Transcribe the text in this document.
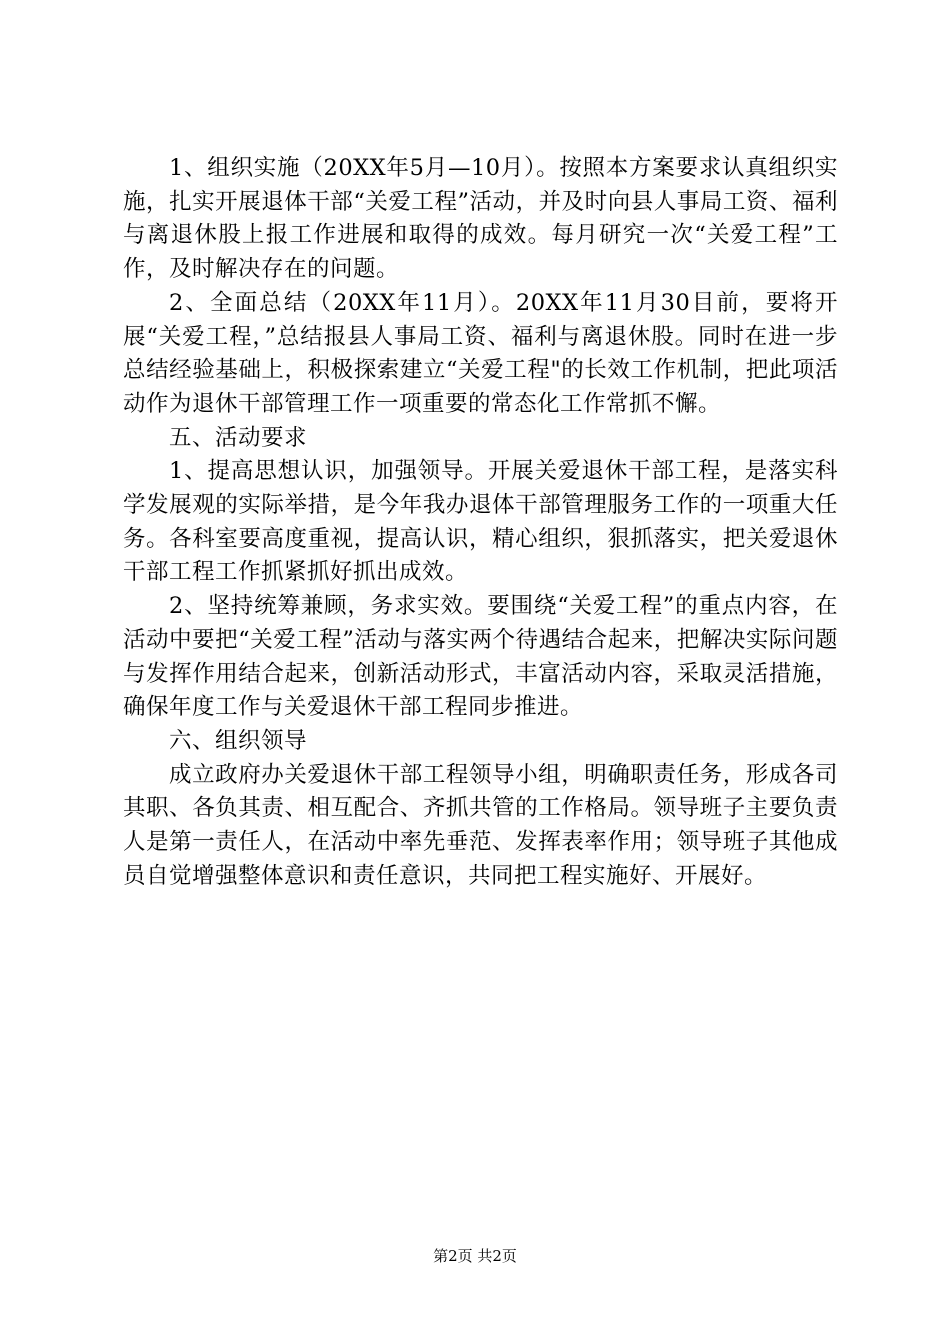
1、组织实施（20XX年5月—10月）。按照本方案要求认真组织实施，扎实开展退体干部“关爱工程”活动，并及时向县人事局工资、福利与离退休股上报工作进展和取得的成效。每月研究一次“关爱工程”工作，及时解决存在的问题。

2、全面总结（20XX年11月）。20XX年11月30目前，要将开展“关爱工程，”总结报县人事局工资、福利与离退休股。同时在进一步总结经验基础上，积极探索建立“关爱工程"的长效工作机制，把此项活动作为退休干部管理工作一项重要的常态化工作常抓不懈。

五、活动要求

1、提高思想认识，加强领导。开展关爱退休干部工程，是落实科学发展观的实际举措，是今年我办退体干部管理服务工作的一项重大任务。各科室要高度重视，提高认识，精心组织，狠抓落实，把关爱退休干部工程工作抓紧抓好抓出成效。

2、坚持统筹兼顾，务求实效。要围绕“关爱工程”的重点内容，在活动中要把“关爱工程”活动与落实两个待遇结合起来，把解决实际问题与发挥作用结合起来，创新活动形式，丰富活动内容，采取灵活措施，确保年度工作与关爱退休干部工程同步推进。

六、组织领导

成立政府办关爱退休干部工程领导小组，明确职责任务，形成各司其职、各负其责、相互配合、齐抓共管的工作格局。领导班子主要负责人是第一责任人，在活动中率先垂范、发挥表率作用；领导班子其他成员自觉增强整体意识和责任意识，共同把工程实施好、开展好。

第2页 共2页
